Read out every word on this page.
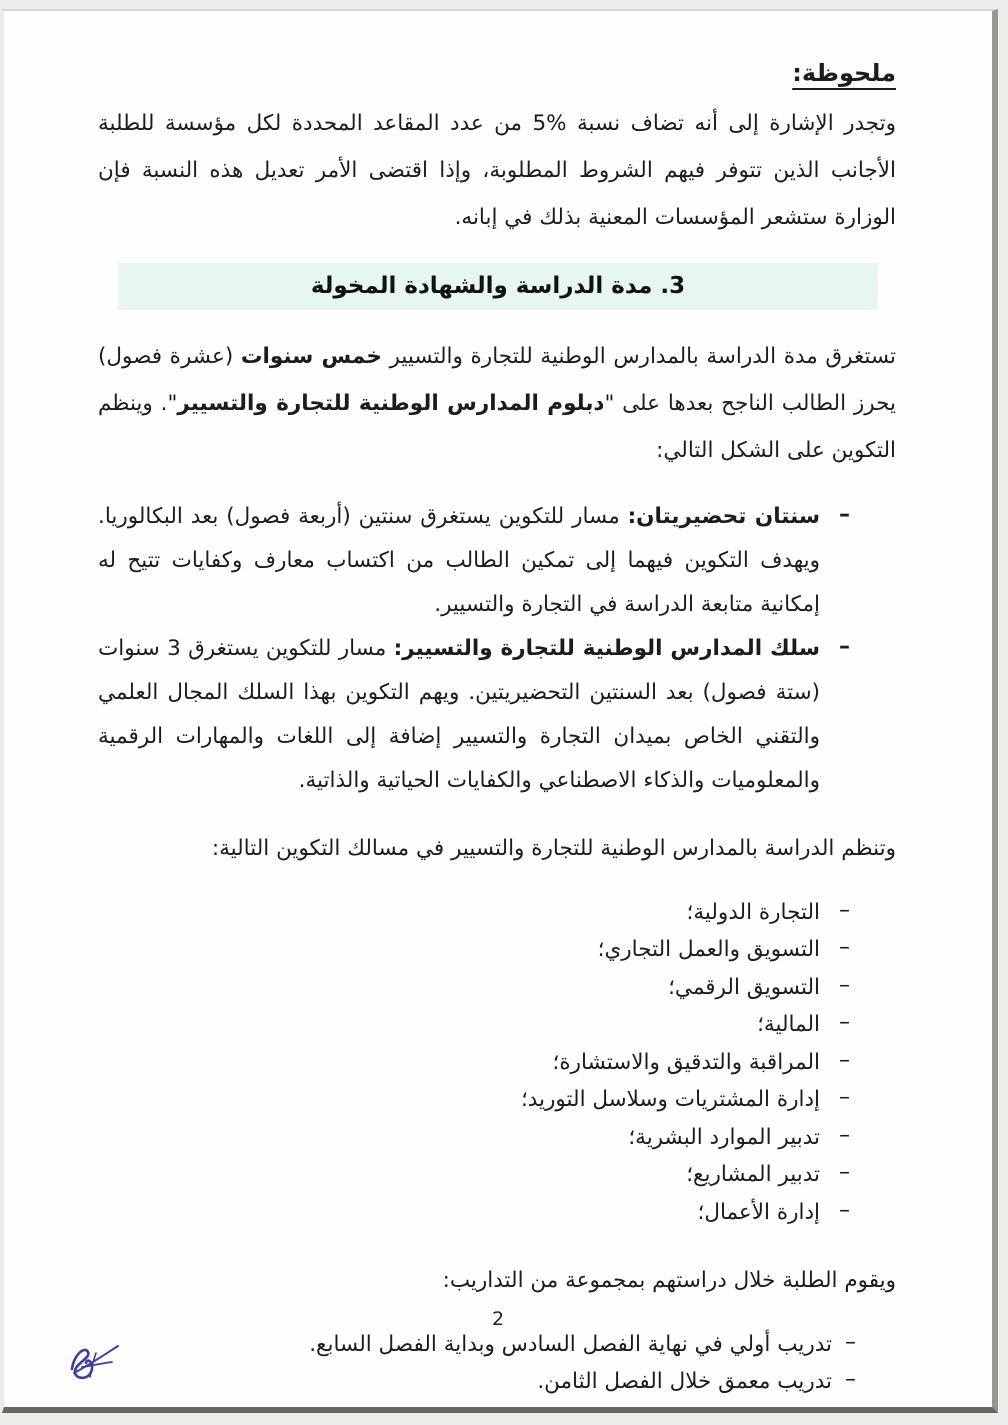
ملحوظة:

وتجدر الإشارة إلى أنه تضاف نسبة %5 من عدد المقاعد المحددة لكل مؤسسة للطلبة الأجانب الذين تتوفر فيهم الشروط المطلوبة، وإذا اقتضى الأمر تعديل هذه النسبة فإن الوزارة ستشعر المؤسسات المعنية بذلك في إبانه.

3. مدة الدراسة والشهادة المخولة

تستغرق مدة الدراسة بالمدارس الوطنية للتجارة والتسيير خمس سنوات (عشرة فصول) يحرز الطالب الناجح بعدها على "دبلوم المدارس الوطنية للتجارة والتسيير". وينظم التكوين على الشكل التالي:

–
سنتان تحضيريتان: مسار للتكوين يستغرق سنتين (أربعة فصول) بعد البكالوريا. ويهدف التكوين فيهما إلى تمكين الطالب من اكتساب معارف وكفايات تتيح له إمكانية متابعة الدراسة في التجارة والتسيير.
–
سلك المدارس الوطنية للتجارة والتسيير: مسار للتكوين يستغرق 3 سنوات (ستة فصول) بعد السنتين التحضيريتين. ويهم التكوين بهذا السلك المجال العلمي والتقني الخاص بميدان التجارة والتسيير إضافة إلى اللغات والمهارات الرقمية والمعلوميات والذكاء الاصطناعي والكفايات الحياتية والذاتية.

وتنظم الدراسة بالمدارس الوطنية للتجارة والتسيير في مسالك التكوين التالية:

–
التجارة الدولية؛
–
التسويق والعمل التجاري؛
–
التسويق الرقمي؛
–
المالية؛
–
المراقبة والتدقيق والاستشارة؛
–
إدارة المشتريات وسلاسل التوريد؛
–
تدبير الموارد البشرية؛
–
تدبير المشاريع؛
–
إدارة الأعمال؛

ويقوم الطلبة خلال دراستهم بمجموعة من التداريب:

–
تدريب أولي في نهاية الفصل السادس وبداية الفصل السابع.
–
تدريب معمق خلال الفصل الثامن.
2
